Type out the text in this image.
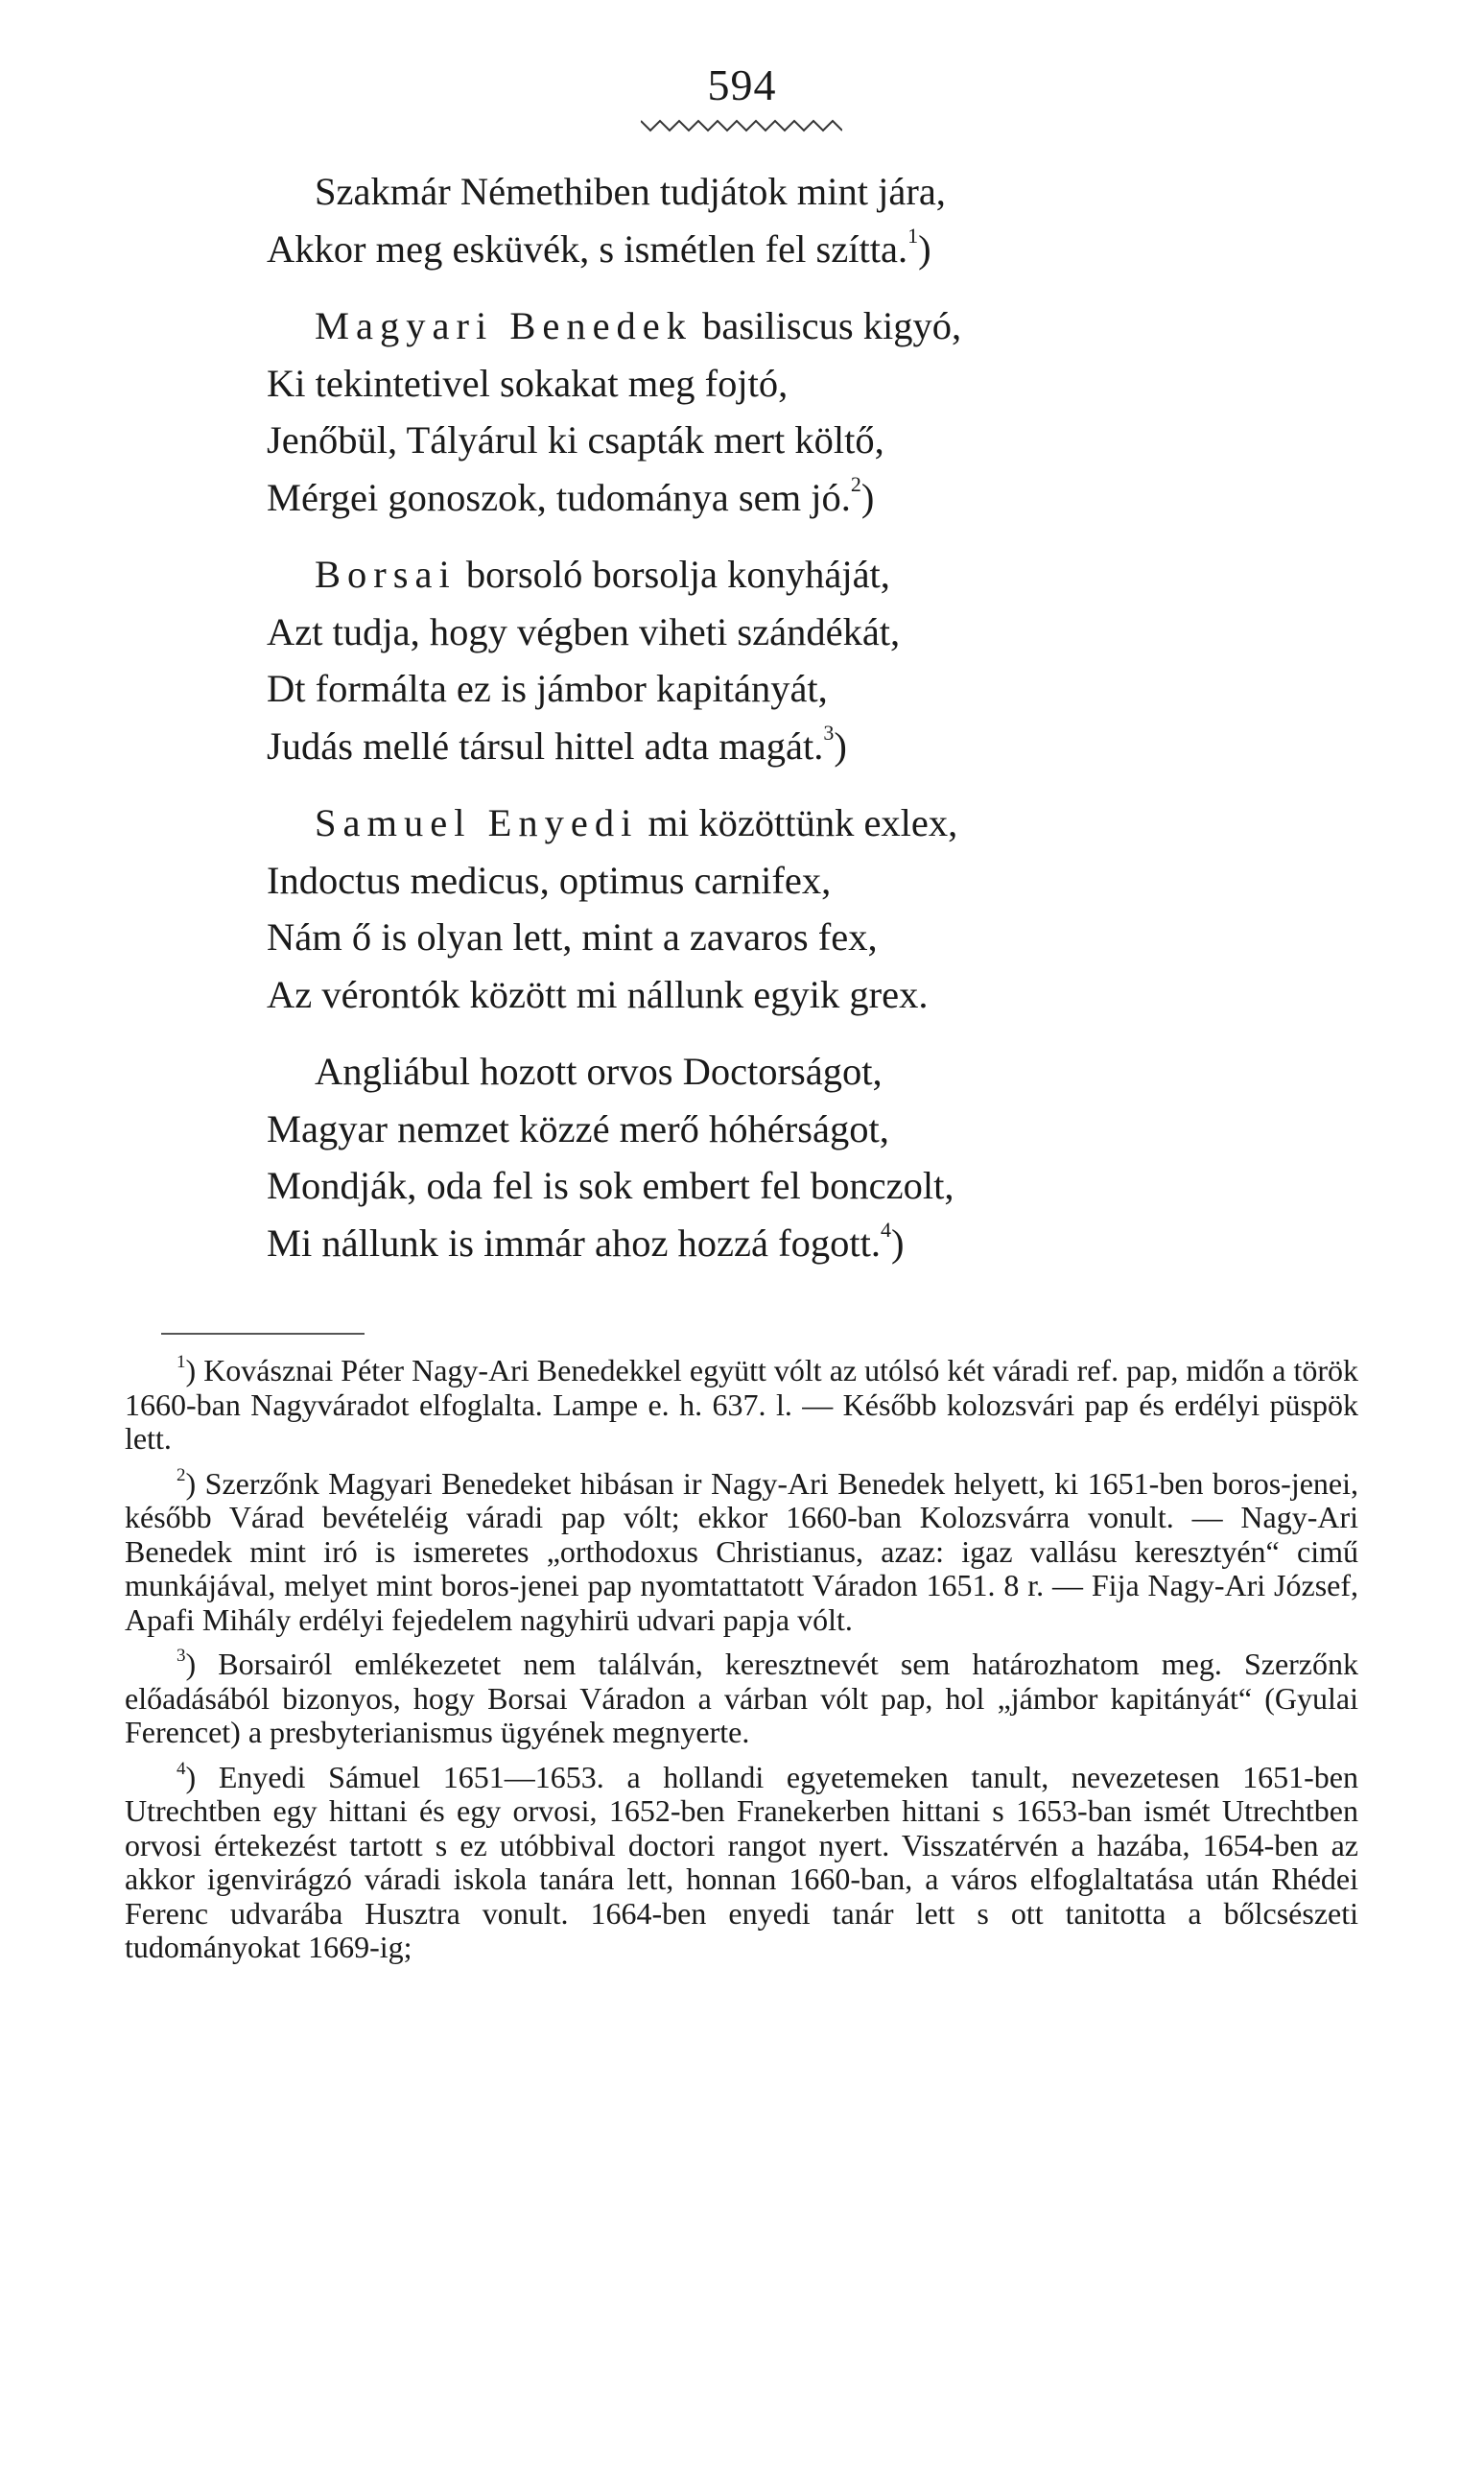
594
Szakmár Némethiben tudjátok mint jára,
Akkor meg esküvék, s ismétlen fel szítta.$^1$)
Magyari Benedek basiliscus kigyó,
Ki tekintetivel sokakat meg fojtó,
Jenőbül, Tályárul ki csapták mert költő,
Mérgei gonoszok, tudománya sem jó.$^2$)
Borsai borsoló borsolja konyháját,
Azt tudja, hogy végben viheti szándékát,
Dt formálta ez is jámbor kapitányát,
Judás mellé társul hittel adta magát.$^3$)
Samuel Enyedi mi közöttünk exlex,
Indoctus medicus, optimus carnifex,
Nám ő is olyan lett, mint a zavaros fex,
Az vérontók között mi nállunk egyik grex.
Angliábul hozott orvos Doctorságot,
Magyar nemzet közzé merő hóhérságot,
Mondják, oda fel is sok embert fel bonczolt,
Mi nállunk is immár ahoz hozzá fogott.$^4$)
$^1$) Kovásznai Péter Nagy-Ari Benedekkel együtt vólt az utólsó két váradi ref. pap, midőn a török 1660-ban Nagyváradot elfoglalta. Lampe e. h. 637. l. — Később kolozsvári pap és erdélyi püspök lett.
$^2$) Szerzőnk Magyari Benedeket hibásan ir Nagy-Ari Benedek helyett, ki 1651-ben boros-jenei, később Várad bevételéig váradi pap vólt; ekkor 1660-ban Kolozsvárra vonult. — Nagy-Ari Benedek mint iró is ismeretes „orthodoxus Christianus, azaz: igaz vallásu keresztyén“ cimű munkájával, melyet mint boros-jenei pap nyomtattatott Váradon 1651. 8 r. — Fija Nagy-Ari József, Apafi Mihály erdélyi fejedelem nagyhirü udvari papja vólt.
$^3$) Borsairól emlékezetet nem találván, keresztnevét sem határozhatom meg. Szerzőnk előadásából bizonyos, hogy Borsai Váradon a várban vólt pap, hol „jámbor kapitányát“ (Gyulai Ferencet) a presbyterianismus ügyének megnyerte.
$^4$) Enyedi Sámuel 1651—1653. a hollandi egyetemeken tanult, nevezetesen 1651-ben Utrechtben egy hittani és egy orvosi, 1652-ben Franekerben hittani s 1653-ban ismét Utrechtben orvosi értekezést tartott s ez utóbbival doctori rangot nyert. Visszatérvén a hazába, 1654-ben az akkor igenvirágzó váradi iskola tanára lett, honnan 1660-ban, a város elfoglaltatása után Rhédei Ferenc udvarába Husztra vonult. 1664-ben enyedi tanár lett s ott tanitotta a bőlcsészeti tudományokat 1669-ig;
